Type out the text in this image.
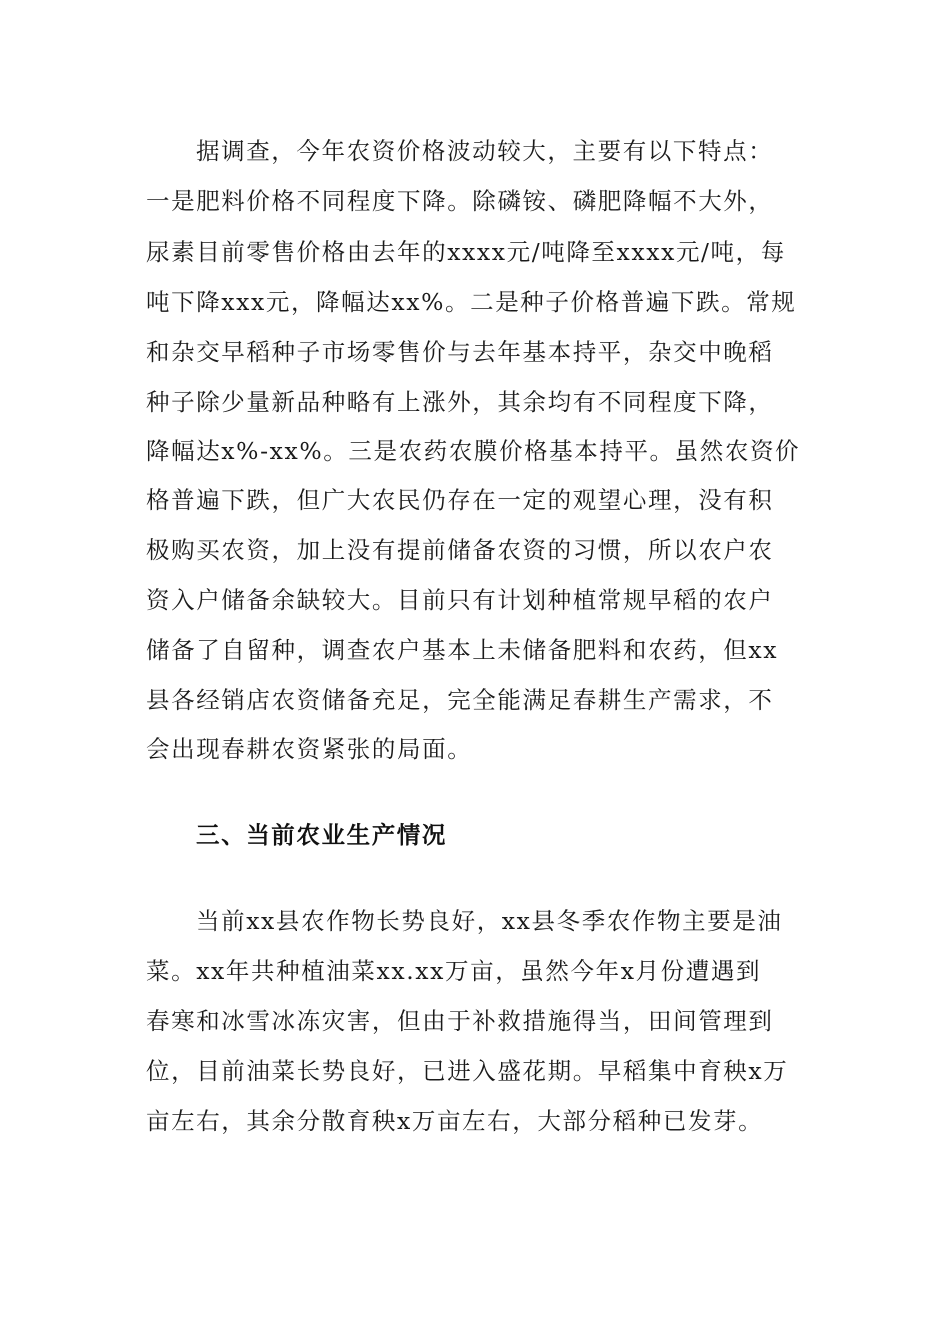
据调查，今年农资价格波动较大，主要有以下特点：
一是肥料价格不同程度下降。除磷铵、磷肥降幅不大外，
尿素目前零售价格由去年的xxxx元/吨降至xxxx元/吨，每
吨下降xxx元，降幅达xx%。二是种子价格普遍下跌。常规
和杂交早稻种子市场零售价与去年基本持平，杂交中晚稻
种子除少量新品种略有上涨外，其余均有不同程度下降，
降幅达x%-xx%。三是农药农膜价格基本持平。虽然农资价
格普遍下跌，但广大农民仍存在一定的观望心理，没有积
极购买农资，加上没有提前储备农资的习惯，所以农户农
资入户储备余缺较大。目前只有计划种植常规早稻的农户
储备了自留种，调查农户基本上未储备肥料和农药，但xx
县各经销店农资储备充足，完全能满足春耕生产需求，不
会出现春耕农资紧张的局面。
三、当前农业生产情况
当前xx县农作物长势良好，xx县冬季农作物主要是油
菜。xx年共种植油菜xx.xx万亩，虽然今年x月份遭遇到
春寒和冰雪冰冻灾害，但由于补救措施得当，田间管理到
位，目前油菜长势良好，已进入盛花期。早稻集中育秧x万
亩左右，其余分散育秧x万亩左右，大部分稻种已发芽。
